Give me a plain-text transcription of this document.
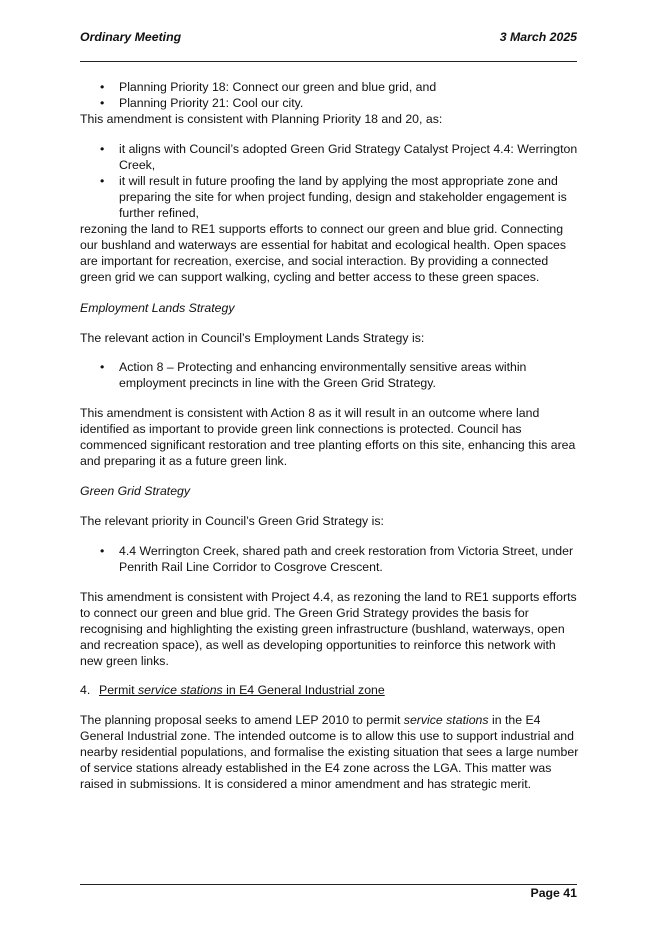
Ordinary Meeting	3 March 2025
• Planning Priority 18: Connect our green and blue grid, and
• Planning Priority 21: Cool our city.

This amendment is consistent with Planning Priority 18 and 20, as:

• it aligns with Council’s adopted Green Grid Strategy Catalyst Project 4.4: Werrington Creek,
• it will result in future proofing the land by applying the most appropriate zone and preparing the site for when project funding, design and stakeholder engagement is further refined,

rezoning the land to RE1 supports efforts to connect our green and blue grid. Connecting our bushland and waterways are essential for habitat and ecological health. Open spaces are important for recreation, exercise, and social interaction. By providing a connected green grid we can support walking, cycling and better access to these green spaces.

Employment Lands Strategy

The relevant action in Council’s Employment Lands Strategy is:

• Action 8 – Protecting and enhancing environmentally sensitive areas within employment precincts in line with the Green Grid Strategy.

This amendment is consistent with Action 8 as it will result in an outcome where land identified as important to provide green link connections is protected. Council has commenced significant restoration and tree planting efforts on this site, enhancing this area and preparing it as a future green link.

Green Grid Strategy

The relevant priority in Council’s Green Grid Strategy is:

• 4.4 Werrington Creek, shared path and creek restoration from Victoria Street, under Penrith Rail Line Corridor to Cosgrove Crescent.

This amendment is consistent with Project 4.4, as rezoning the land to RE1 supports efforts to connect our green and blue grid. The Green Grid Strategy provides the basis for recognising and highlighting the existing green infrastructure (bushland, waterways, open and recreation space), as well as developing opportunities to reinforce this network with new green links.

4. Permit service stations in E4 General Industrial zone

The planning proposal seeks to amend LEP 2010 to permit service stations in the E4 General Industrial zone. The intended outcome is to allow this use to support industrial and nearby residential populations, and formalise the existing situation that sees a large number of service stations already established in the E4 zone across the LGA. This matter was raised in submissions. It is considered a minor amendment and has strategic merit.

Page 41
